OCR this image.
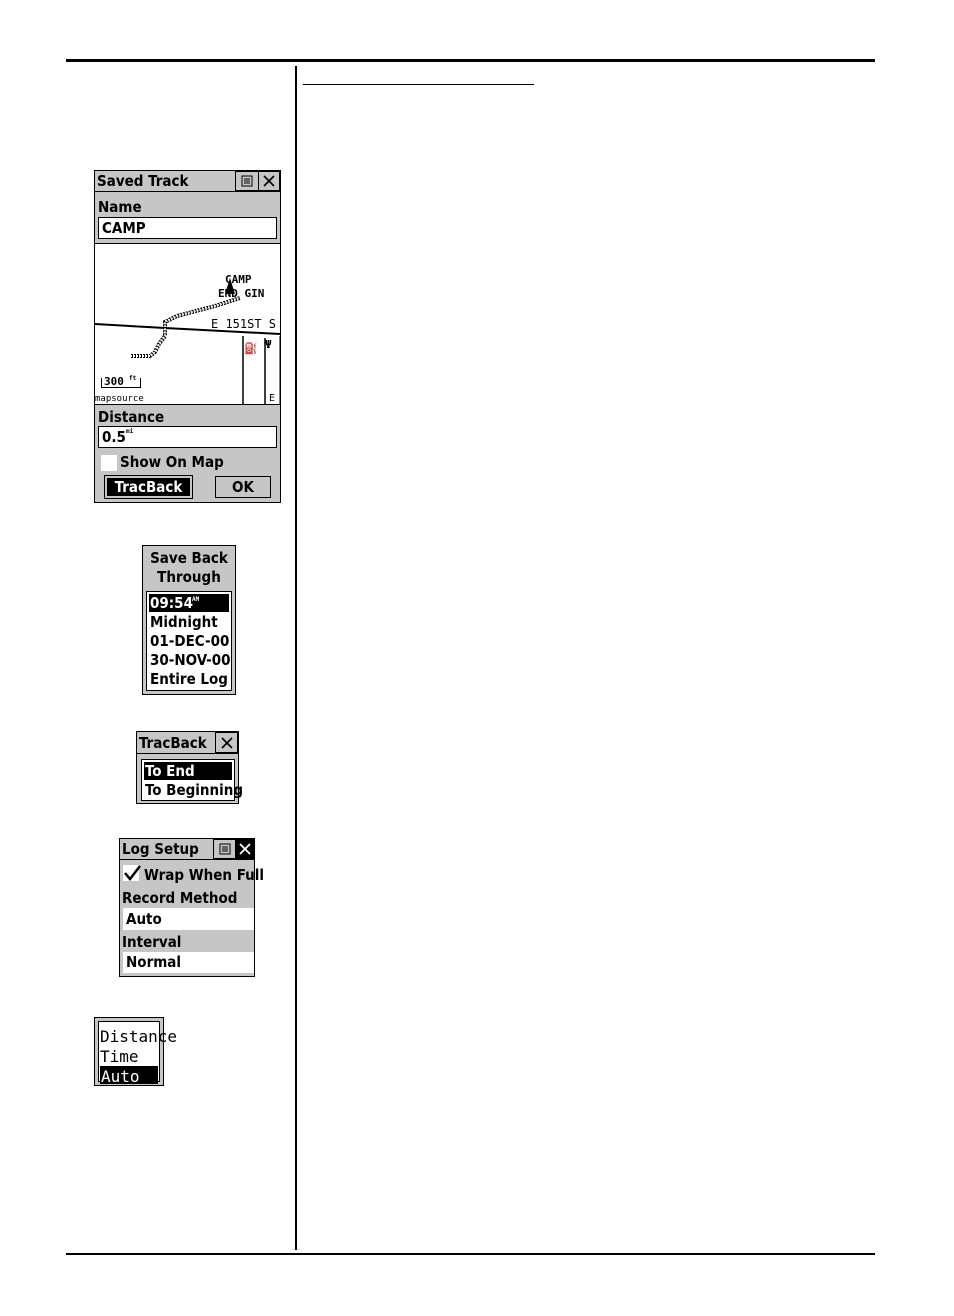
Saved Track
Name
CAMP
CAMP
END GIN
E 151ST S
⛽ Ψ
300 ft
mapsource	E
Distance
0.5 mi
Show On Map
TracBack	OK
Save Back
Through
09:54 AM
Midnight
01-DEC-00
30-NOV-00
Entire Log
TracBack
To End
To Beginning
Log Setup
Wrap When Full
Record Method
Auto
Interval
Normal
Distance
Time
Auto
